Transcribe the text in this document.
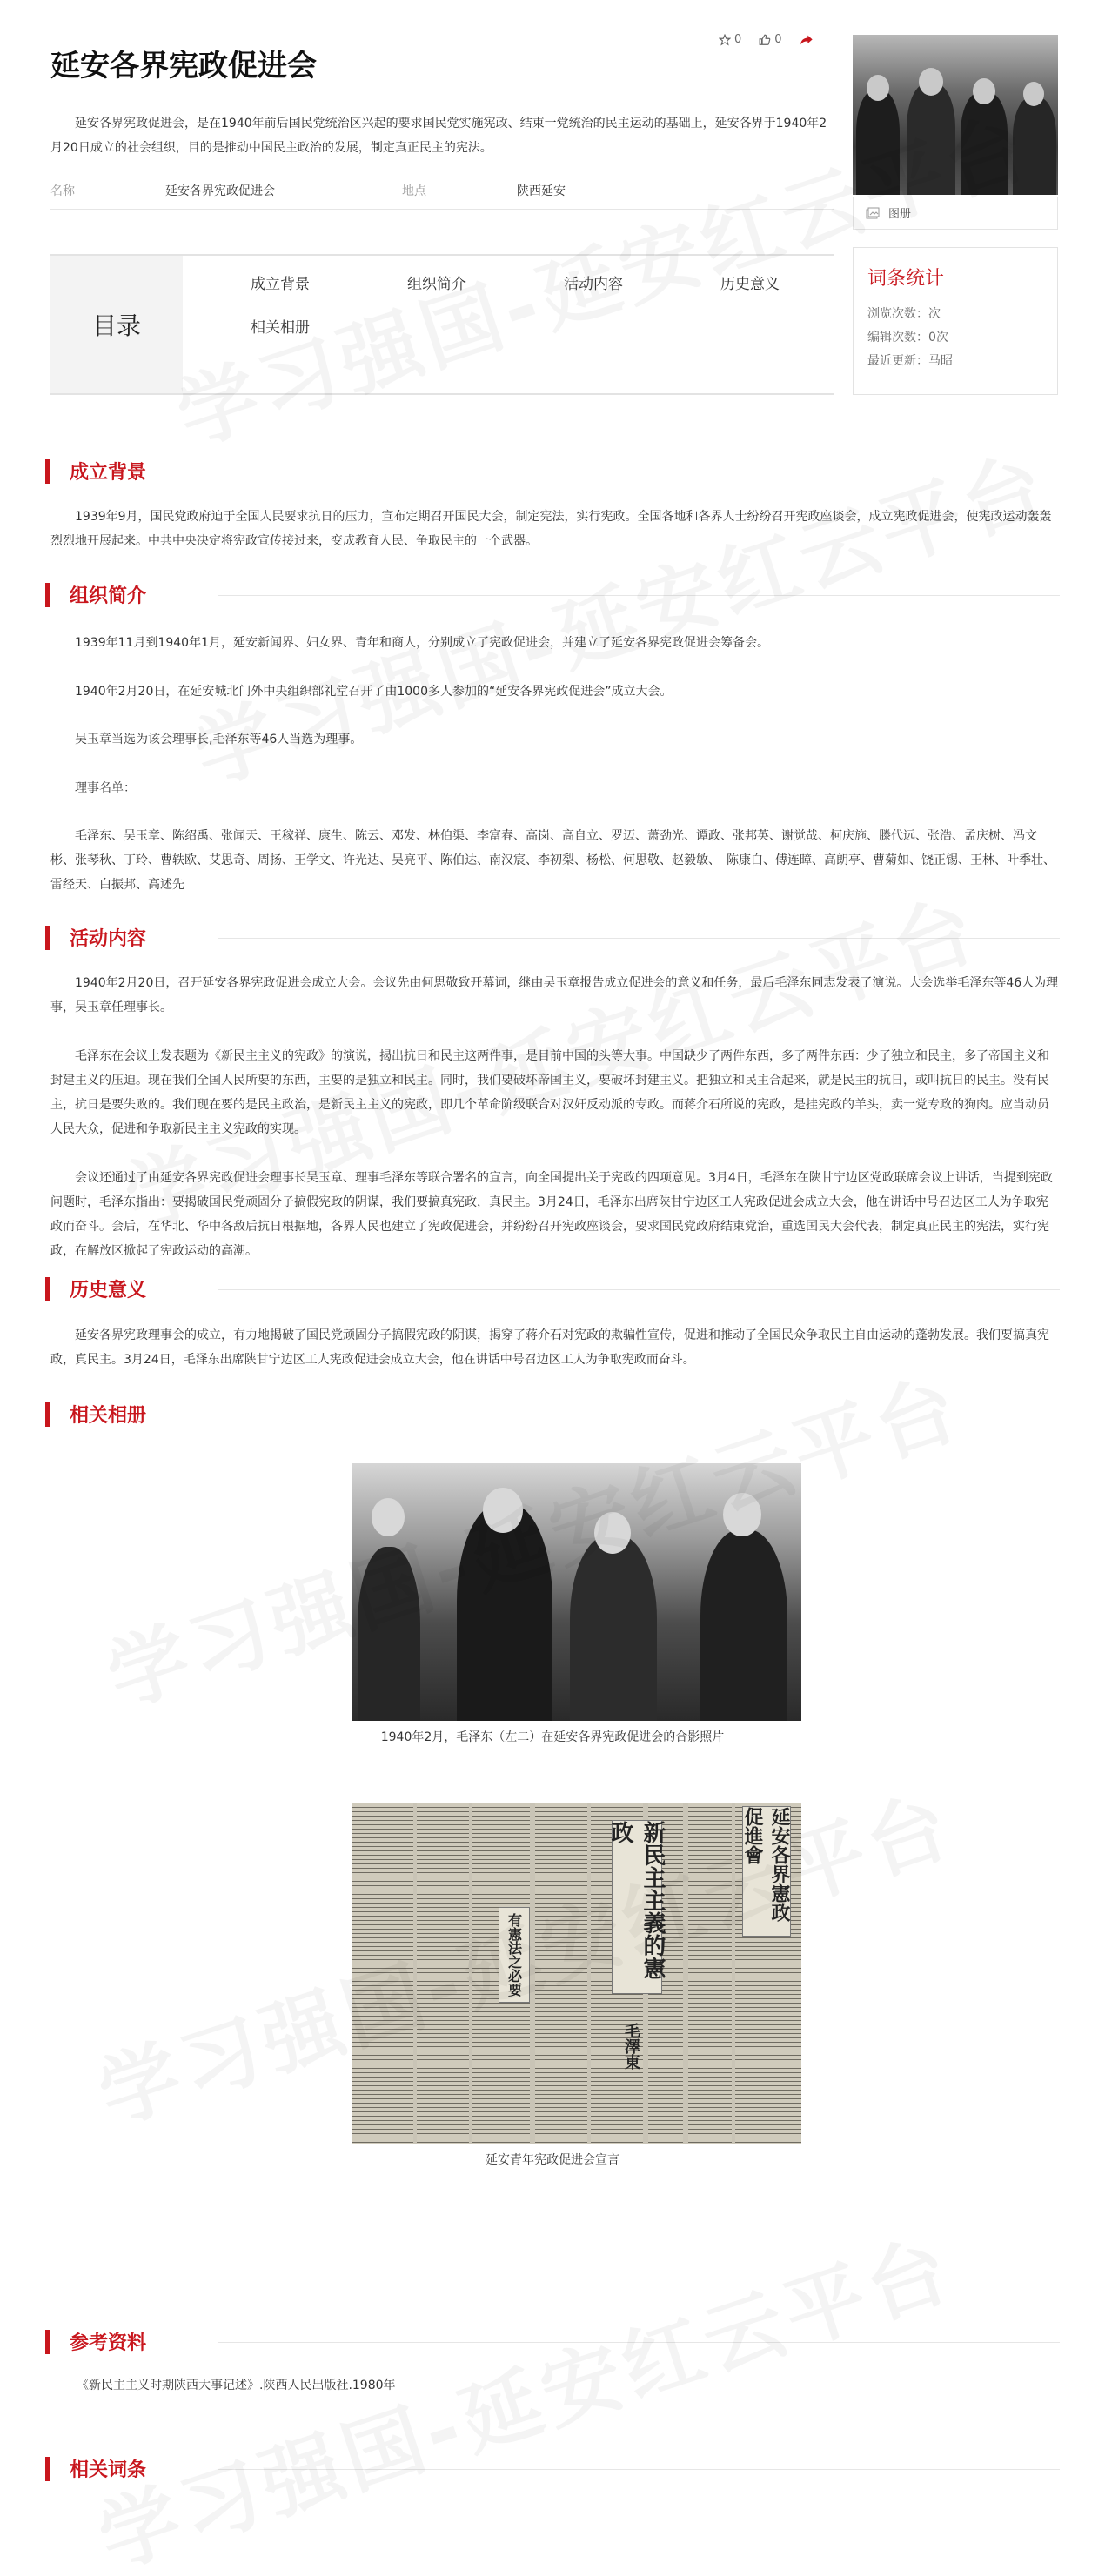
延安各界宪政促进会
0	0

延安各界宪政促进会，是在1940年前后国民党统治区兴起的要求国民党实施宪政、结束一党统治的民主运动的基础上，延安各界于1940年2月20日成立的社会组织，目的是推动中国民主政治的发展，制定真正民主的宪法。

名称	延安各界宪政促进会	地点	陕西延安
图册
目录
成立背景	组织简介	活动内容	历史意义
相关相册
词条统计

浏览次数：次

编辑次数：0次

最近更新：马昭

成立背景

1939年9月，国民党政府迫于全国人民要求抗日的压力，宣布定期召开国民大会，制定宪法，实行宪政。全国各地和各界人士纷纷召开宪政座谈会，成立宪政促进会，使宪政运动轰轰烈烈地开展起来。中共中央决定将宪政宣传接过来，变成教育人民、争取民主的一个武器。

组织简介

1939年11月到1940年1月，延安新闻界、妇女界、青年和商人，分别成立了宪政促进会，并建立了延安各界宪政促进会筹备会。

1940年2月20日，在延安城北门外中央组织部礼堂召开了由1000多人参加的“延安各界宪政促进会”成立大会。

吴玉章当选为该会理事长,毛泽东等46人当选为理事。

理事名单：

毛泽东、吴玉章、陈绍禹、张闻天、王稼祥、康生、陈云、邓发、林伯渠、李富春、高岗、高自立、罗迈、萧劲光、谭政、张邦英、谢觉哉、柯庆施、滕代远、张浩、孟庆树、冯文彬、张琴秋、丁玲、曹轶欧、艾思奇、周扬、王学文、许光达、吴亮平、陈伯达、南汉宸、李初梨、杨松、何思敬、赵毅敏、　陈康白、傅连暲、高朗亭、曹菊如、饶正锡、王林、叶季壮、雷经天、白振邦、高述先

活动内容

1940年2月20日，召开延安各界宪政促进会成立大会。会议先由何思敬致开幕词，继由吴玉章报告成立促进会的意义和任务，最后毛泽东同志发表了演说。大会选举毛泽东等46人为理事，吴玉章任理事长。

毛泽东在会议上发表题为《新民主主义的宪政》的演说，揭出抗日和民主这两件事，是目前中国的头等大事。中国缺少了两件东西，多了两件东西：少了独立和民主，多了帝国主义和封建主义的压迫。现在我们全国人民所要的东西，主要的是独立和民主。同时，我们要破坏帝国主义，要破坏封建主义。把独立和民主合起来，就是民主的抗日，或叫抗日的民主。没有民主，抗日是要失败的。我们现在要的是民主政治，是新民主主义的宪政，即几个革命阶级联合对汉奸反动派的专政。而蒋介石所说的宪政，是挂宪政的羊头，卖一党专政的狗肉。应当动员人民大众，促进和争取新民主主义宪政的实现。

会议还通过了由延安各界宪政促进会理事长吴玉章、理事毛泽东等联合署名的宣言，向全国提出关于宪政的四项意见。3月4日，毛泽东在陕甘宁边区党政联席会议上讲话，当提到宪政问题时，毛泽东指出：要揭破国民党顽固分子搞假宪政的阴谋，我们要搞真宪政，真民主。3月24日，毛泽东出席陕甘宁边区工人宪政促进会成立大会，他在讲话中号召边区工人为争取宪政而奋斗。会后，在华北、华中各敌后抗日根据地，各界人民也建立了宪政促进会，并纷纷召开宪政座谈会，要求国民党政府结束党治，重选国民大会代表，制定真正民主的宪法，实行宪政，在解放区掀起了宪政运动的高潮。

历史意义

延安各界宪政理事会的成立，有力地揭破了国民党顽固分子搞假宪政的阴谋，揭穿了蒋介石对宪政的欺骗性宣传，促进和推动了全国民众争取民主自由运动的蓬勃发展。我们要搞真宪政，真民主。3月24日，毛泽东出席陕甘宁边区工人宪政促进会成立大会，他在讲话中号召边区工人为争取宪政而奋斗。

相关相册
1940年2月，毛泽东（左二）在延安各界宪政促进会的合影照片
新民主主義的憲政
毛澤東
有憲法之必要
延安各界憲政促進會
延安青年宪政促进会宣言
参考资料

《新民主主义时期陕西大事记述》.陕西人民出版社.1980年

相关词条
